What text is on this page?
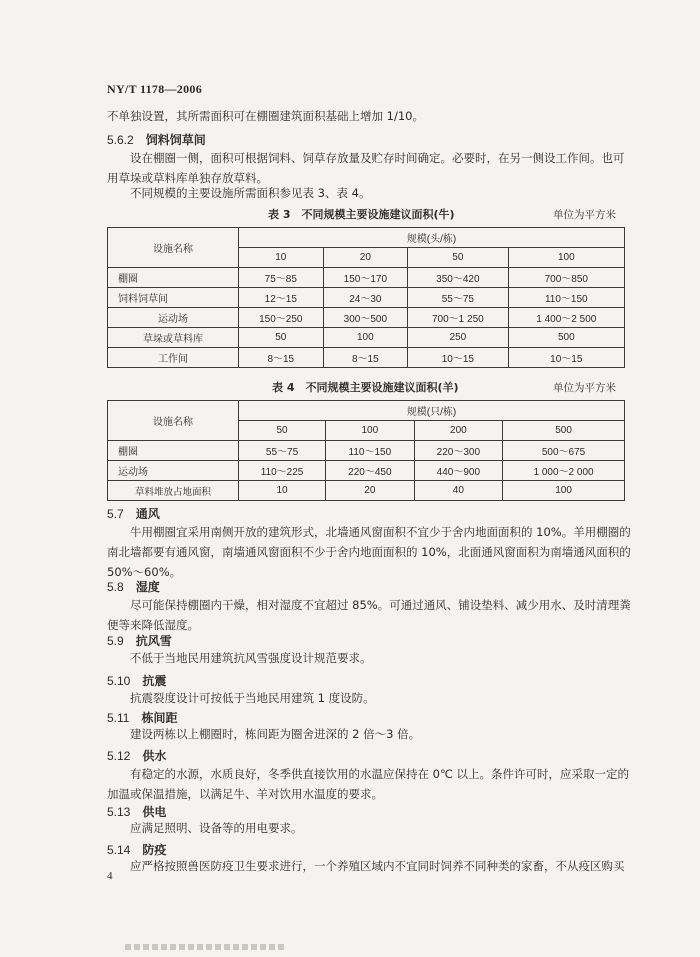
NY/T 1178—2006

不单独设置，其所需面积可在棚圈建筑面积基础上增加 1/10。

5.6.2 饲料饲草间

设在棚圈一侧，面积可根据饲料、饲草存放量及贮存时间确定。必要时，在另一侧设工作间。也可用草垛或草料库单独存放草料。

不同规模的主要设施所需面积参见表 3、表 4。

表 3　不同规模主要设施建议面积(牛)	单位为平方米
设施名称	规模(头/栋)			
	10	20	50	100
棚圈	75～85	150～170	350～420	700～850
饲料饲草间	12～15	24～30	55～75	110～150
运动场	150～250	300～500	700～1 250	1 400～2 500
草垛或草料库	50	100	250	500
工作间	8～15	8～15	10～15	10～15
表 4　不同规模主要设施建议面积(羊)	单位为平方米
设施名称	规模(只/栋)			
	50	100	200	500
棚圈	55～75	110～150	220～300	500～675
运动场	110～225	220～450	440～900	1 000～2 000
草料堆放占地面积	10	20	40	100
5.7 通风

牛用棚圈宜采用南侧开放的建筑形式，北墙通风窗面积不宜少于舍内地面面积的 10%。羊用棚圈的南北墙都要有通风窗，南墙通风窗面积不少于舍内地面面积的 10%，北面通风窗面积为南墙通风面积的 50%～60%。

5.8 湿度

尽可能保持棚圈内干燥，相对湿度不宜超过 85%。可通过通风、铺设垫料、减少用水、及时清理粪便等来降低湿度。

5.9 抗风雪

不低于当地民用建筑抗风雪强度设计规范要求。

5.10 抗震

抗震裂度设计可按低于当地民用建筑 1 度设防。

5.11 栋间距

建设两栋以上棚圈时，栋间距为圈舍进深的 2 倍～3 倍。

5.12 供水

有稳定的水源，水质良好，冬季供直接饮用的水温应保持在 0℃ 以上。条件许可时，应采取一定的加温或保温措施，以满足牛、羊对饮用水温度的要求。

5.13 供电

应满足照明、设备等的用电要求。

5.14 防疫

应严格按照兽医防疫卫生要求进行，一个养殖区域内不宜同时饲养不同种类的家畜，不从疫区购买

4
